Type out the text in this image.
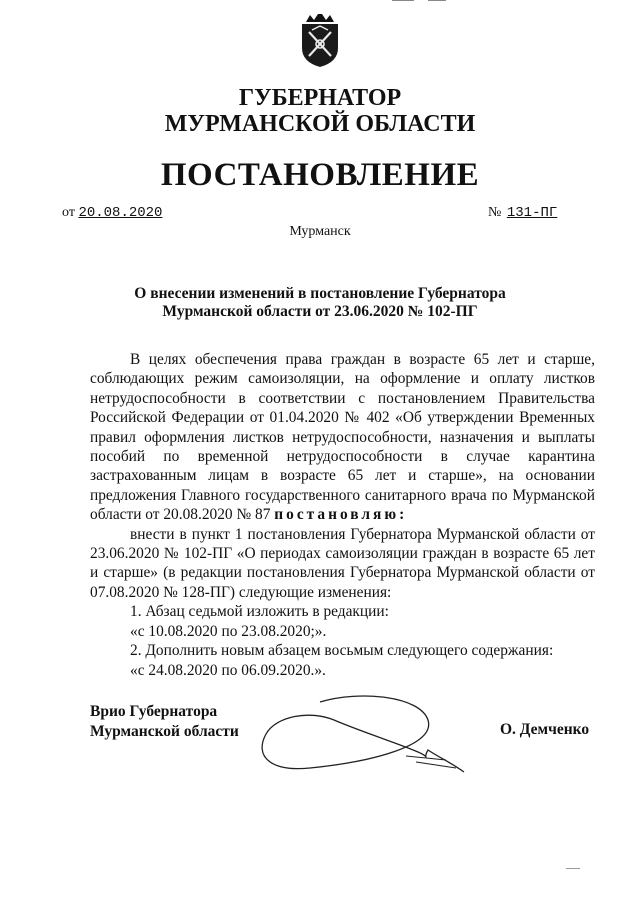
ГУБЕРНАТОР
МУРМАНСКОЙ ОБЛАСТИ
ПОСТАНОВЛЕНИЕ
от 20.08.2020	№ 131-ПГ
Мурманск
О внесении изменений в постановление Губернатора
Мурманской области от 23.06.2020 № 102-ПГ

В целях обеспечения права граждан в возрасте 65 лет и старше, соблюдающих режим самоизоляции, на оформление и оплату листков нетрудоспособности в соответствии с постановлением Правительства Российской Федерации от 01.04.2020 № 402 «Об утверждении Временных правил оформления листков нетрудоспособности, назначения и выплаты пособий по временной нетрудоспособности в случае карантина застрахованным лицам в возрасте 65 лет и старше», на основании предложения Главного государственного санитарного врача по Мурманской области от 20.08.2020 № 87 постановляю:

внести в пункт 1 постановления Губернатора Мурманской области от 23.06.2020 № 102-ПГ «О периодах самоизоляции граждан в возрасте 65 лет и старше» (в редакции постановления Губернатора Мурманской области от 07.08.2020 № 128-ПГ) следующие изменения:

1. Абзац седьмой изложить в редакции:

«с 10.08.2020 по 23.08.2020;».

2. Дополнить новым абзацем восьмым следующего содержания:

«с 24.08.2020 по 06.09.2020.».

Врио Губернатора
Мурманской области	О. Демченко
